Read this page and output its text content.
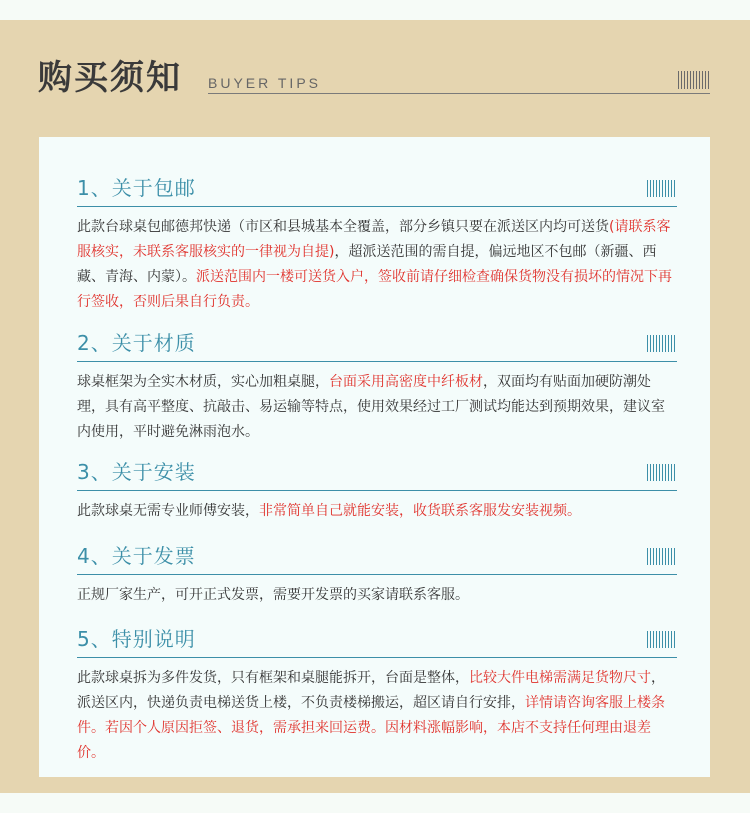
购买须知 BUYER TIPS
1、关于包邮
此款台球桌包邮德邦快递（市区和县城基本全覆盖，部分乡镇只要在派送区内均可送货(请联系客服核实，未联系客服核实的一律视为自提)，超派送范围的需自提，偏远地区不包邮（新疆、西藏、青海、内蒙）。派送范围内一楼可送货入户，签收前请仔细检查确保货物没有损坏的情况下再行签收，否则后果自行负责。
2、关于材质
球桌框架为全实木材质，实心加粗桌腿，台面采用高密度中纤板材，双面均有贴面加硬防潮处理，具有高平整度、抗敲击、易运输等特点，使用效果经过工厂测试均能达到预期效果，建议室内使用，平时避免淋雨泡水。
3、关于安装
此款球桌无需专业师傅安装，非常简单自己就能安装，收货联系客服发安装视频。
4、关于发票
正规厂家生产，可开正式发票，需要开发票的买家请联系客服。
5、特别说明
此款球桌拆为多件发货，只有框架和桌腿能拆开，台面是整体，比较大件电梯需满足货物尺寸，派送区内，快递负责电梯送货上楼，不负责楼梯搬运，超区请自行安排，详情请咨询客服上楼条件。若因个人原因拒签、退货，需承担来回运费。因材料涨幅影响，本店不支持任何理由退差价。
